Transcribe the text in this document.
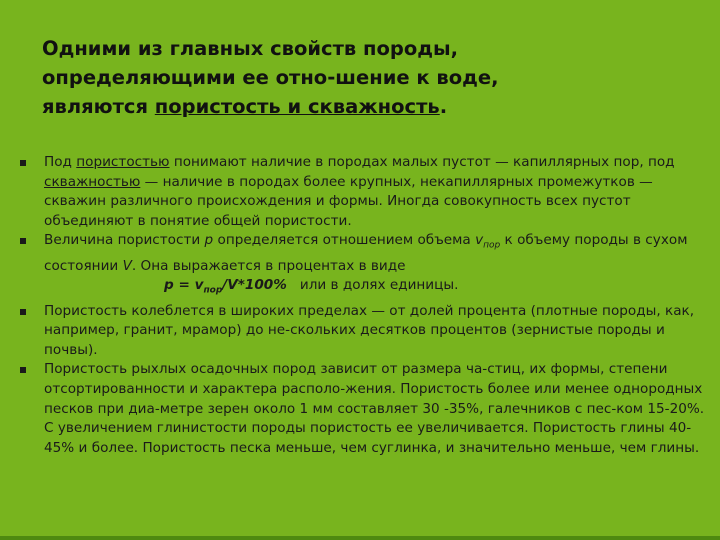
Одними из главных свойств породы,
определяющими ее отно-шение к воде,
являются пористость и скважность.
Под пористостью понимают наличие в породах малых пустот — капиллярных пор, под скважностью — наличие в породах более крупных, некапиллярных промежутков — скважин различного происхождения и формы. Иногда совокупность всех пустот объединяют в понятие общей пористости.
Величина пористости p определяется отношением объема $v_{пор}$ к объему породы в сухом состоянии V. Она выражается в процентах в виде
$p = v_{пор}/V*100\%$   или в долях единицы.
Пористость колеблется в широких пределах — от долей процента (плотные породы, как, например, гранит, мрамор) до не-скольких десятков процентов (зернистые породы и почвы).
Пористость рыхлых осадочных пород зависит от размера ча-стиц, их формы, степени отсортированности и характера располо-жения. Пористость более или менее однородных песков при диа-метре зерен около 1 мм составляет 30 -35%, галечников с пес-ком 15-20%. С увеличением глинистости породы пористость ее увеличивается. Пористость глины 40-45% и более. Пористость песка меньше, чем суглинка, и значительно меньше, чем глины.
